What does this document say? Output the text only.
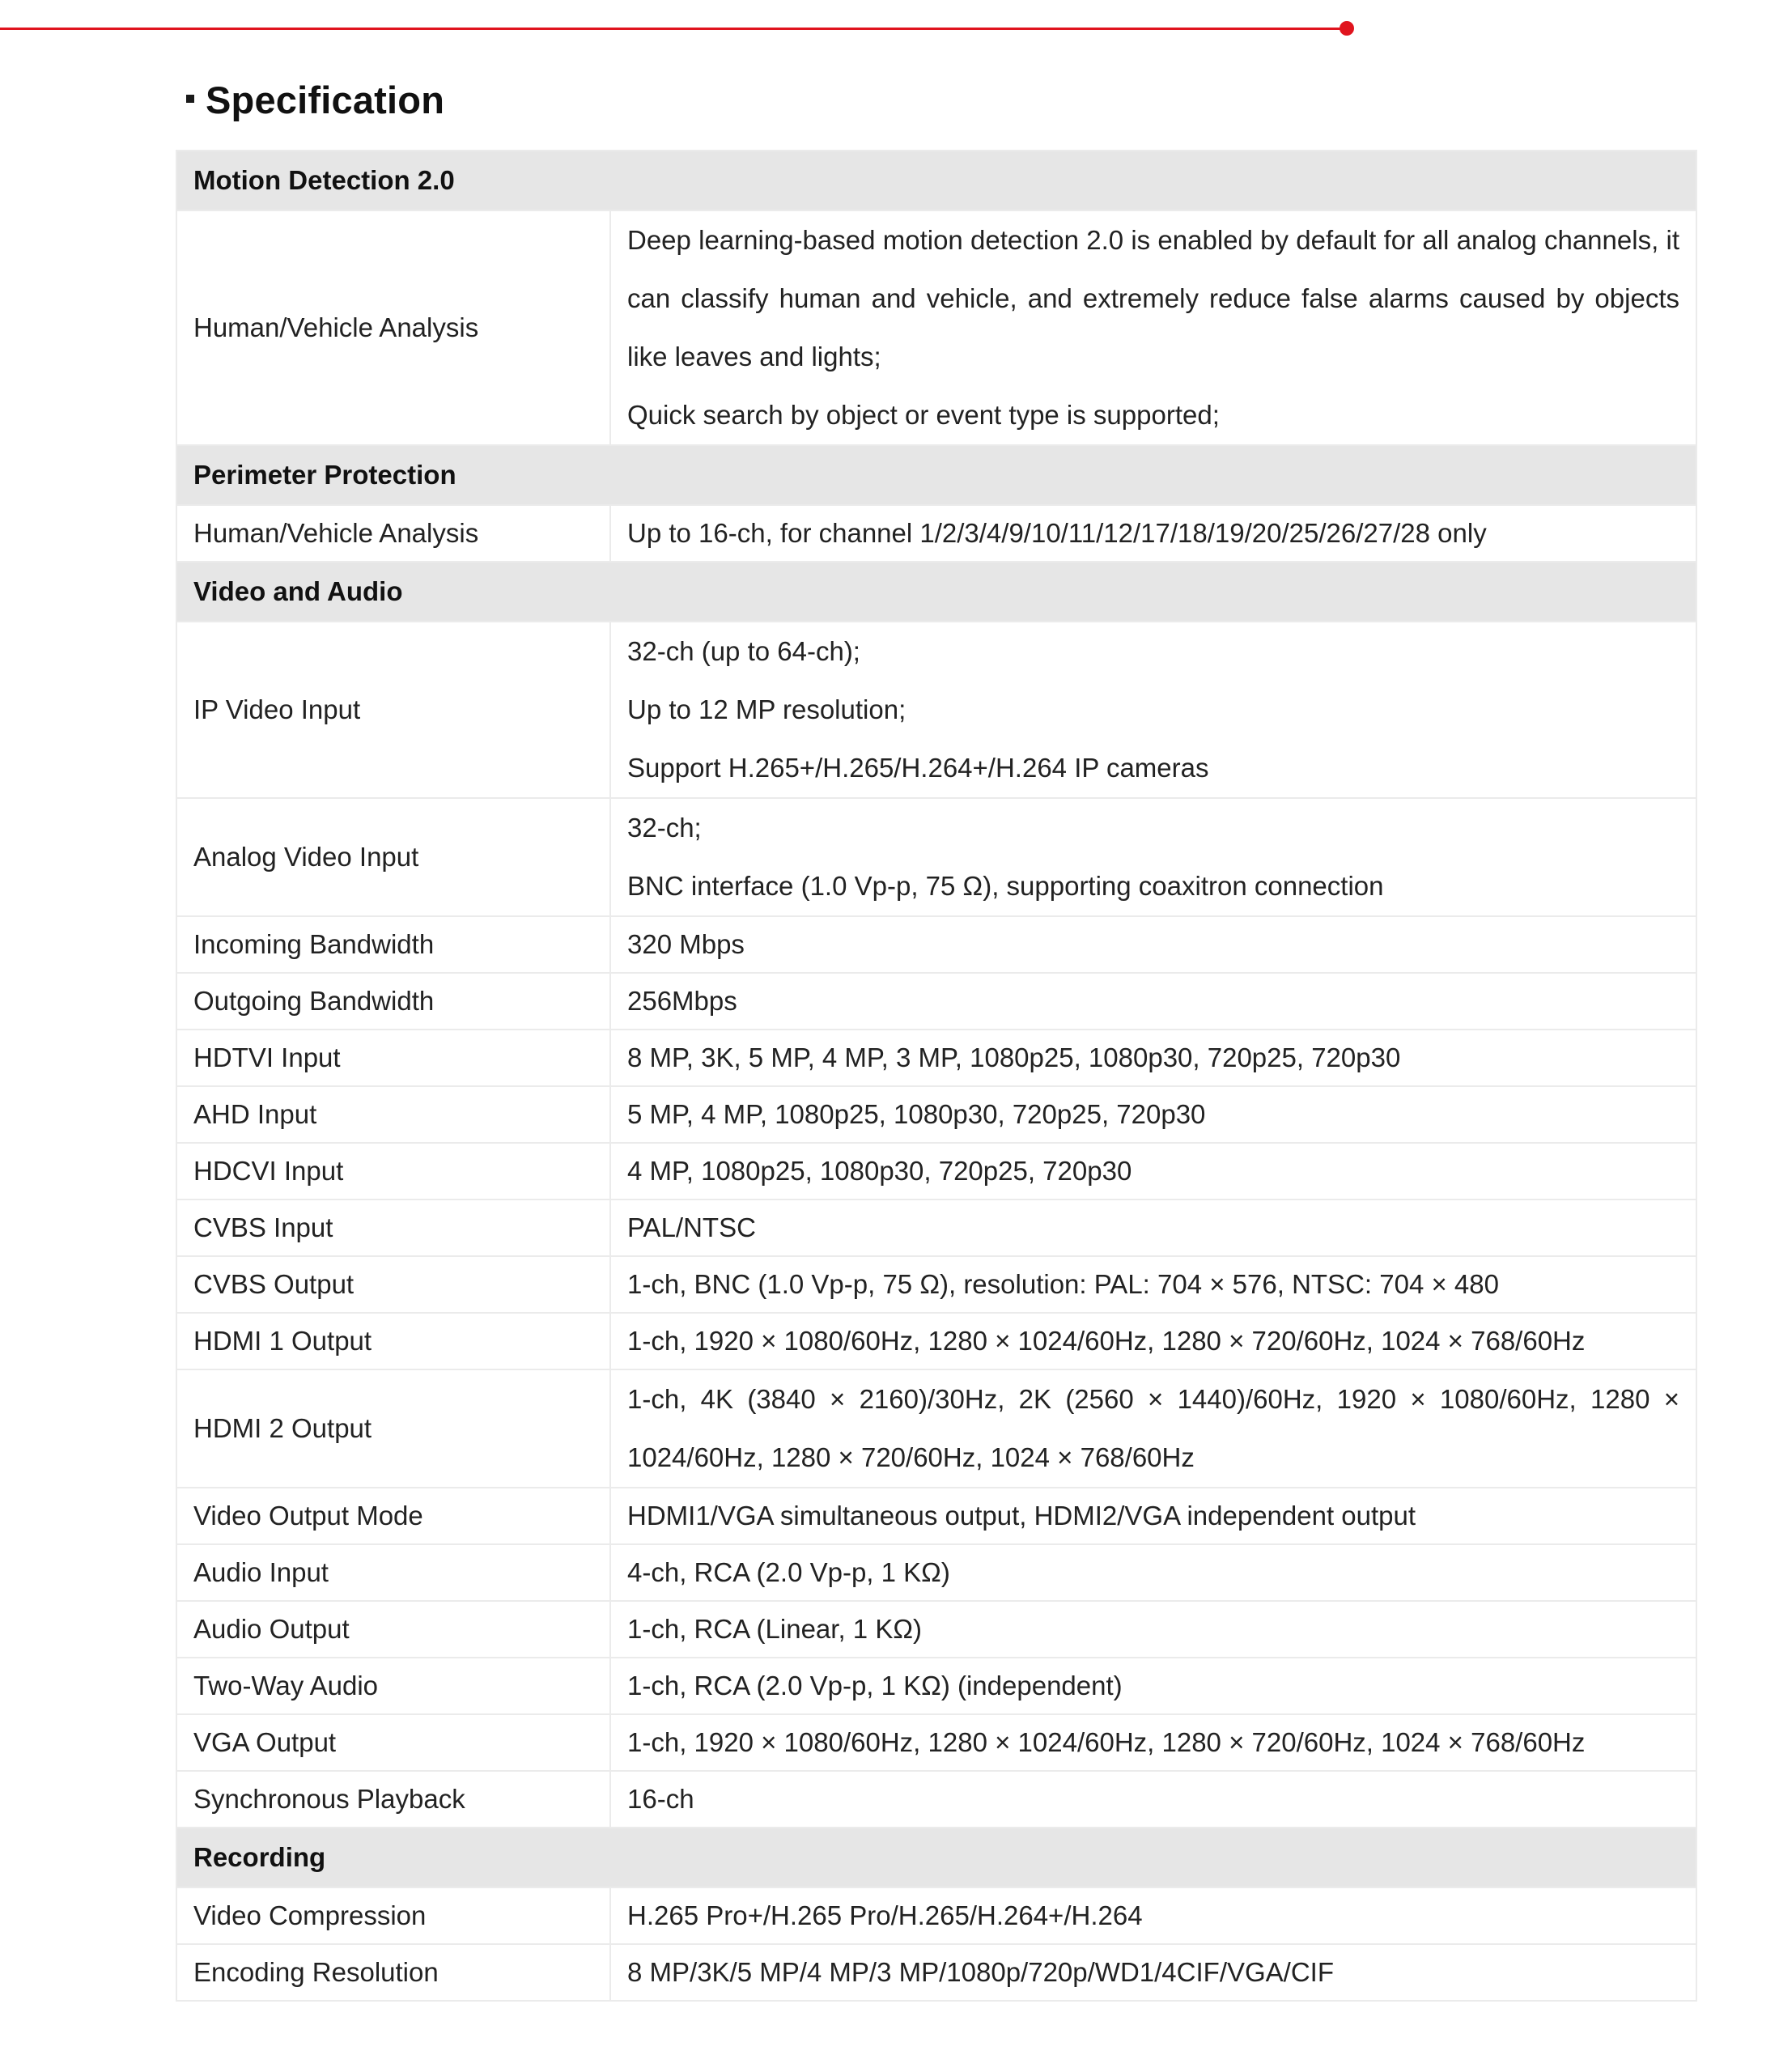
Specification
Motion Detection 2.0	
Human/Vehicle Analysis	Deep learning-based motion detection 2.0 is enabled by default for all analog channels, it can classify human and vehicle, and extremely reduce false alarms caused by objects like leaves and lights;
Quick search by object or event type is supported;

Perimeter Protection	
Human/Vehicle Analysis	Up to 16-ch, for channel 1/2/3/4/9/10/11/12/17/18/19/20/25/26/27/28 only
Video and Audio	
IP Video Input	32-ch (up to 64-ch);
Up to 12 MP resolution;
Support H.265+/H.265/H.264+/H.264 IP cameras

Analog Video Input	32-ch;
BNC interface (1.0 Vp-p, 75 Ω), supporting coaxitron connection

Incoming Bandwidth	320 Mbps
Outgoing Bandwidth	256Mbps
HDTVI Input	8 MP, 3K, 5 MP, 4 MP, 3 MP, 1080p25, 1080p30, 720p25, 720p30
AHD Input	5 MP, 4 MP, 1080p25, 1080p30, 720p25, 720p30
HDCVI Input	4 MP, 1080p25, 1080p30, 720p25, 720p30
CVBS Input	PAL/NTSC
CVBS Output	1-ch, BNC (1.0 Vp-p, 75 Ω), resolution: PAL: 704 × 576, NTSC: 704 × 480
HDMI 1 Output	1-ch, 1920 × 1080/60Hz, 1280 × 1024/60Hz, 1280 × 720/60Hz, 1024 × 768/60Hz
HDMI 2 Output	1-ch, 4K (3840 × 2160)/30Hz, 2K (2560 × 1440)/60Hz, 1920 × 1080/60Hz, 1280 × 1024/60Hz, 1280 × 720/60Hz, 1024 × 768/60Hz

Video Output Mode	HDMI1/VGA simultaneous output, HDMI2/VGA independent output
Audio Input	4-ch, RCA (2.0 Vp-p, 1 KΩ)
Audio Output	1-ch, RCA (Linear, 1 KΩ)
Two-Way Audio	1-ch, RCA (2.0 Vp-p, 1 KΩ) (independent)
VGA Output	1-ch, 1920 × 1080/60Hz, 1280 × 1024/60Hz, 1280 × 720/60Hz, 1024 × 768/60Hz
Synchronous Playback	16-ch
Recording	
Video Compression	H.265 Pro+/H.265 Pro/H.265/H.264+/H.264
Encoding Resolution	8 MP/3K/5 MP/4 MP/3 MP/1080p/720p/WD1/4CIF/VGA/CIF
